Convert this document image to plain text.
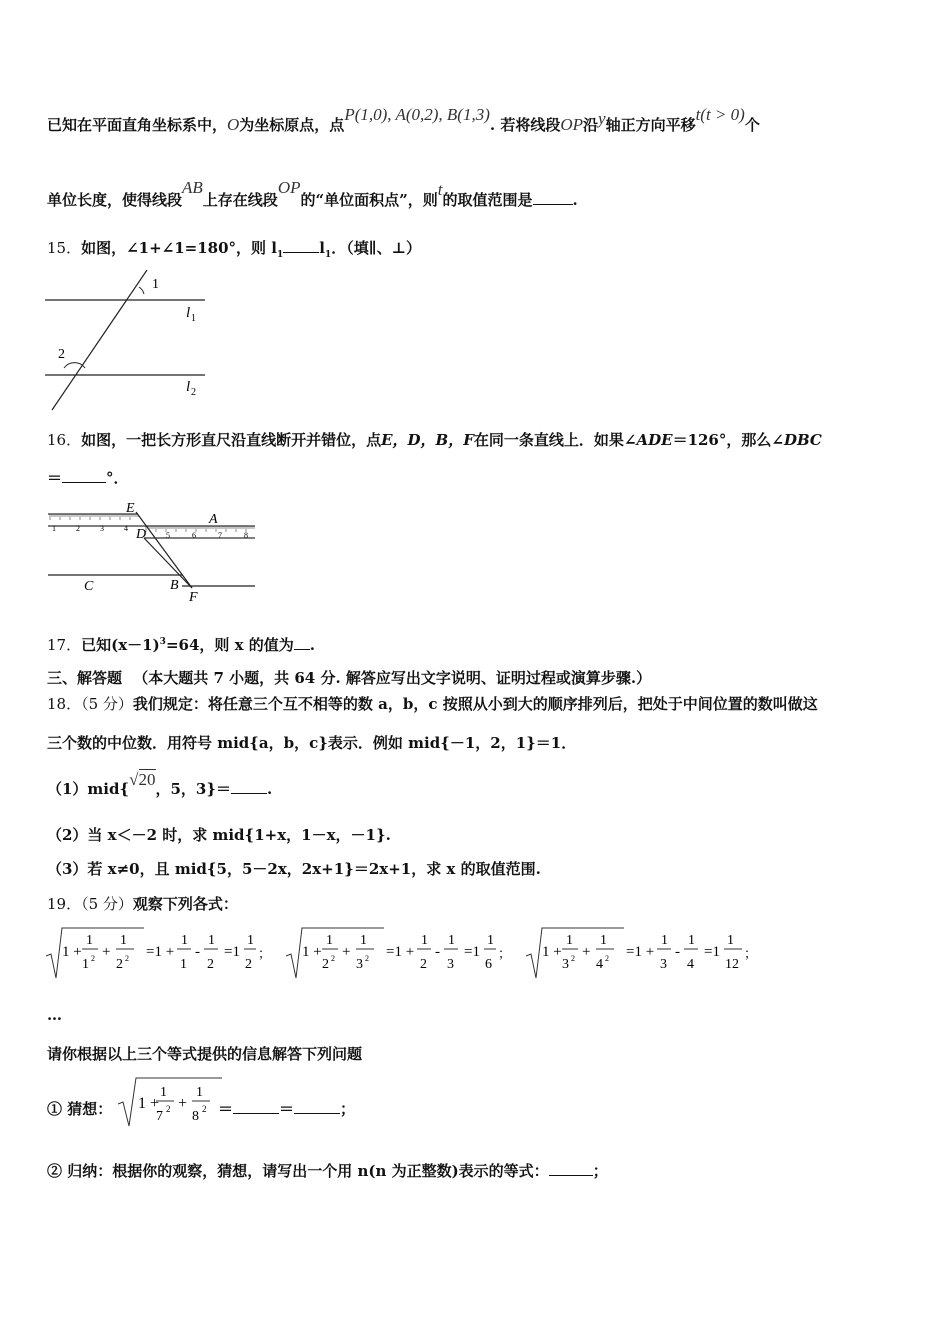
已知在平面直角坐标系中，O为坐标原点，点P(1,0), A(0,2), B(1,3). 若将线段OP沿y轴正方向平移t(t > 0)个
单位长度，使得线段AB上存在线段OP的“单位面积点”，则t的取值范围是	.
15．如图，∠1+∠1=180°，则 $l_1$ $l_1$．（填∥、⊥）
1
2
l 1
l 2
16．如图，一把长方形直尺沿直线断开并错位，点E，D，B，F在同一条直线上．如果∠ADE＝126°，那么∠DBC
＝	°．
1	2	3	4
5	6	7	8
E
A
D
C	B
F
17．已知$(x-1)^3=64$，则 x 的值为 .
三、解答题 （本大题共 7 小题，共 64 分. 解答应写出文字说明、证明过程或演算步骤.）
18．（5 分）我们规定：将任意三个互不相等的数 a，b，c 按照从小到大的顺序排列后，把处于中间位置的数叫做这
三个数的中位数．用符号 mid{a，b，c}表示．例如 mid{－1，2，1}＝1．
（1）mid{√20，5，3}＝ .
（2）当 x＜－2 时，求 mid{1+x，1－x，－1}.
（3）若 x≠0，且 mid{5，5－2x，2x+1}＝2x+1，求 x 的取值范围.
19．（5 分）观察下列各式：
1 +
1
1 2 +
1
2 2 =1 +
1
1
-
1
2
=1
1
2
； 1 +
1
2 2 +
1
3 2 =1 +
1
2
-
1
3
=1
1
6
； 1 +
1
3 2 +
1
4 2 =1 +
1
3
-
1
4
=1
1
12
；
…
请你根据以上三个等式提供的信息解答下列问题
① 猜想： 1 +
1
7 2 +
1
8 2 ＝	＝	；
② 归纳：根据你的观察，猜想，请写出一个用 n(n 为正整数)表示的等式：	；
